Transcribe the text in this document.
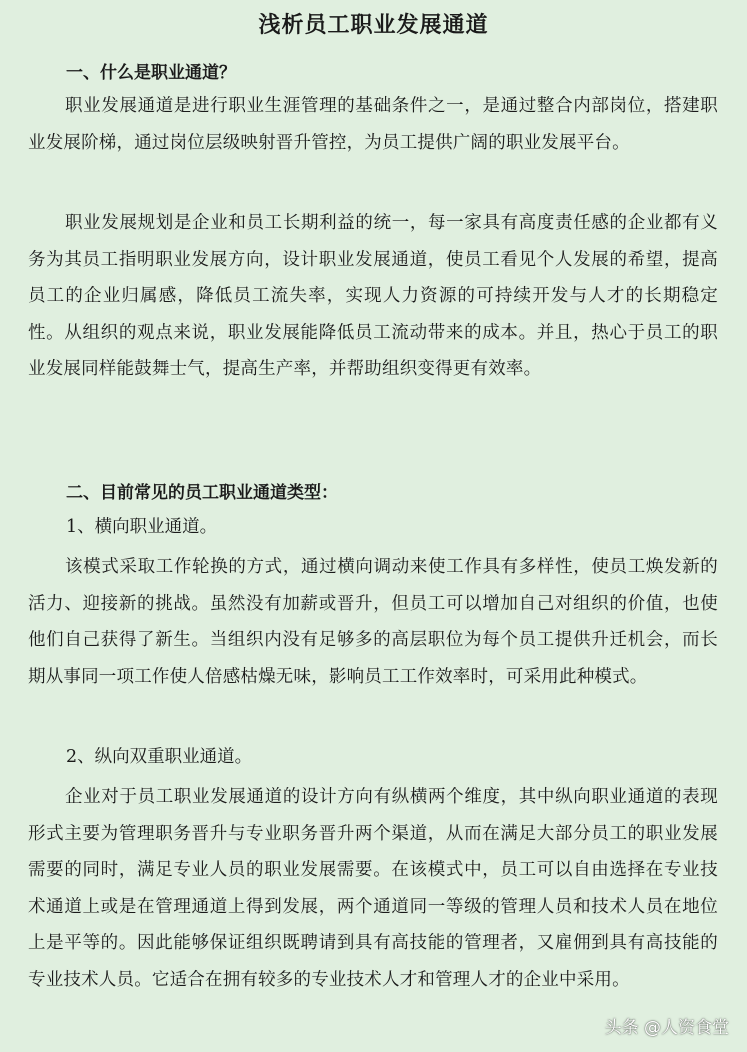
浅析员工职业发展通道
一、什么是职业通道？

职业发展通道是进行职业生涯管理的基础条件之一，是通过整合内部岗位，搭建职业发展阶梯，通过岗位层级映射晋升管控，为员工提供广阔的职业发展平台。

职业发展规划是企业和员工长期利益的统一，每一家具有高度责任感的企业都有义务为其员工指明职业发展方向，设计职业发展通道，使员工看见个人发展的希望，提高员工的企业归属感，降低员工流失率，实现人力资源的可持续开发与人才的长期稳定性。从组织的观点来说，职业发展能降低员工流动带来的成本。并且，热心于员工的职业发展同样能鼓舞士气，提高生产率，并帮助组织变得更有效率。

二、目前常见的员工职业通道类型：
1、横向职业通道。

该模式采取工作轮换的方式，通过横向调动来使工作具有多样性，使员工焕发新的活力、迎接新的挑战。虽然没有加薪或晋升，但员工可以增加自己对组织的价值，也使他们自己获得了新生。当组织内没有足够多的高层职位为每个员工提供升迁机会，而长期从事同一项工作使人倍感枯燥无味，影响员工工作效率时，可采用此种模式。

2、纵向双重职业通道。

企业对于员工职业发展通道的设计方向有纵横两个维度，其中纵向职业通道的表现形式主要为管理职务晋升与专业职务晋升两个渠道，从而在满足大部分员工的职业发展需要的同时，满足专业人员的职业发展需要。在该模式中，员工可以自由选择在专业技术通道上或是在管理通道上得到发展，两个通道同一等级的管理人员和技术人员在地位上是平等的。因此能够保证组织既聘请到具有高技能的管理者，又雇佣到具有高技能的专业技术人员。它适合在拥有较多的专业技术人才和管理人才的企业中采用。

头条 @人资食堂
